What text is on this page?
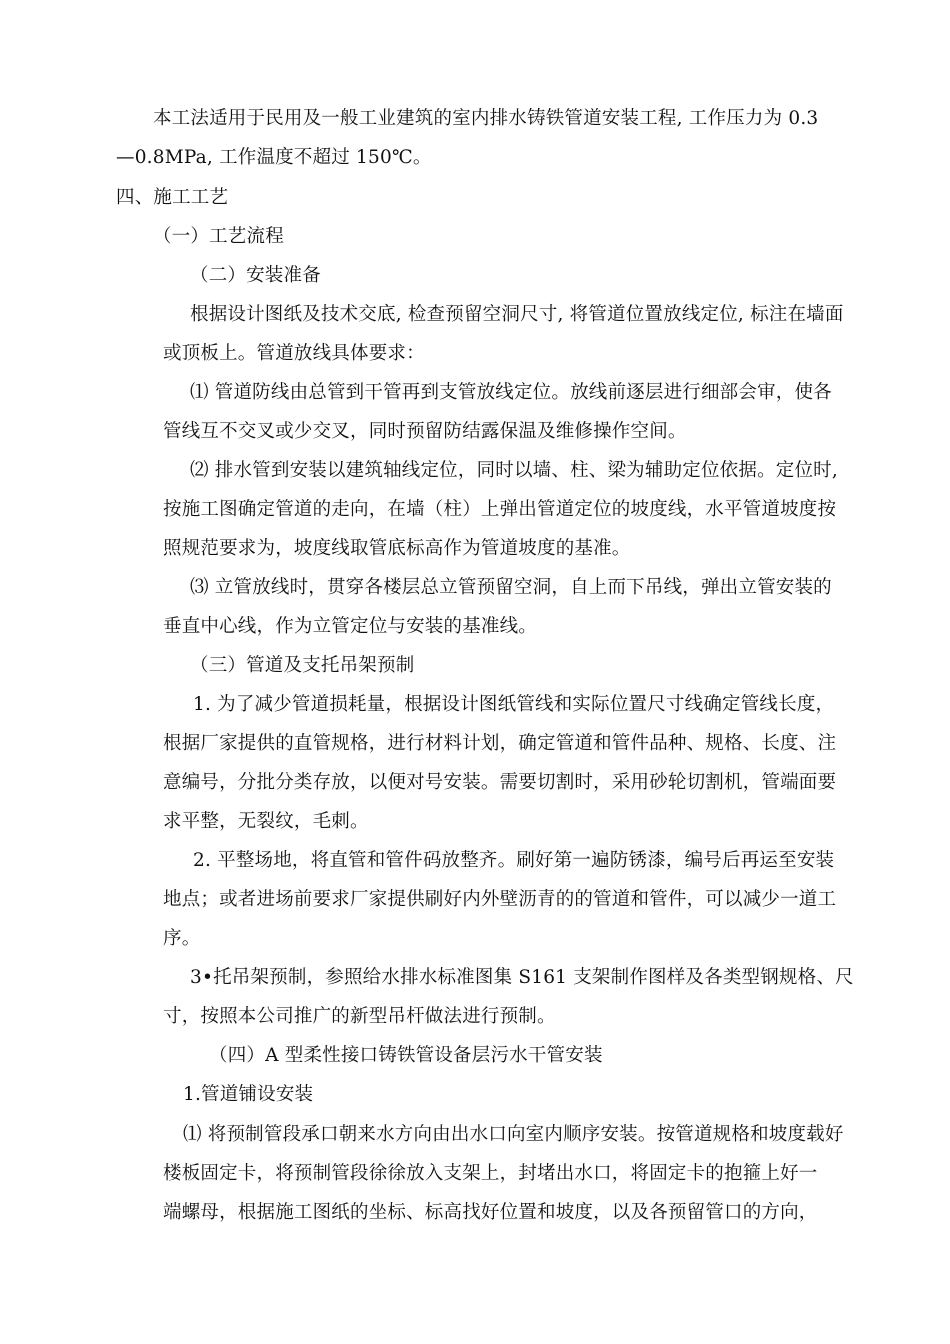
本工法适用于民用及一般工业建筑的室内排水铸铁管道安装工程, 工作压力为 0.3
—0.8MPa, 工作温度不超过 150℃。
四、施工工艺
（一）工艺流程
（二）安装准备
根据设计图纸及技术交底, 检查预留空洞尺寸, 将管道位置放线定位, 标注在墙面
或顶板上。管道放线具体要求：
⑴ 管道防线由总管到干管再到支管放线定位。放线前逐层进行细部会审，使各
管线互不交叉或少交叉，同时预留防结露保温及维修操作空间。
⑵ 排水管到安装以建筑轴线定位，同时以墙、柱、梁为辅助定位依据。定位时,
按施工图确定管道的走向，在墙（柱）上弹出管道定位的坡度线，水平管道坡度按
照规范要求为，坡度线取管底标高作为管道坡度的基准。
⑶ 立管放线时，贯穿各楼层总立管预留空洞，自上而下吊线，弹出立管安装的
垂直中心线，作为立管定位与安装的基准线。
（三）管道及支托吊架预制
1. 为了减少管道损耗量，根据设计图纸管线和实际位置尺寸线确定管线长度，
根据厂家提供的直管规格，进行材料计划，确定管道和管件品种、规格、长度、注
意编号，分批分类存放，以便对号安装。需要切割时，采用砂轮切割机，管端面要
求平整，无裂纹，毛刺。
2. 平整场地，将直管和管件码放整齐。刷好第一遍防锈漆，编号后再运至安装
地点；或者进场前要求厂家提供刷好内外壁沥青的的管道和管件，可以减少一道工
序。
3•托吊架预制，参照给水排水标准图集 S161 支架制作图样及各类型钢规格、尺
寸，按照本公司推广的新型吊杆做法进行预制。
（四）A 型柔性接口铸铁管设备层污水干管安装
1.管道铺设安装
⑴ 将预制管段承口朝来水方向由出水口向室内顺序安装。按管道规格和坡度载好
楼板固定卡，将预制管段徐徐放入支架上，封堵出水口，将固定卡的抱箍上好一
端螺母，根据施工图纸的坐标、标高找好位置和坡度，以及各预留管口的方向，
